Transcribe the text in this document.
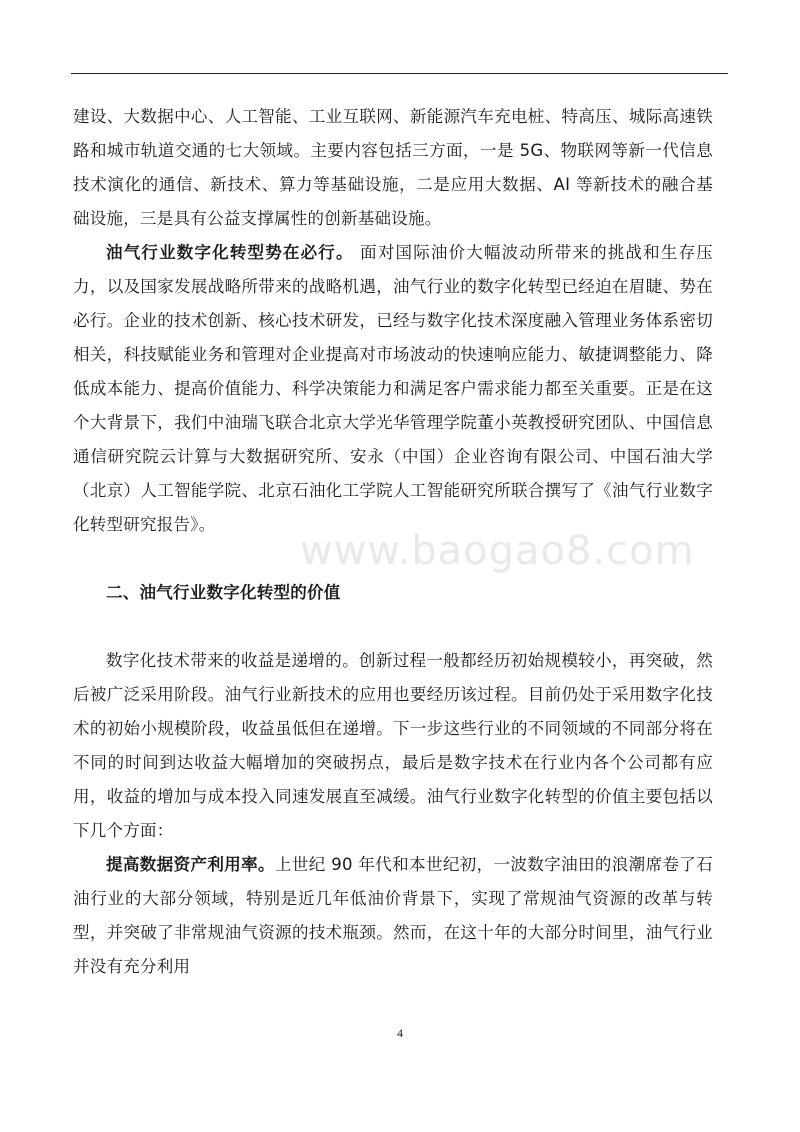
建设、大数据中心、人工智能、工业互联网、新能源汽车充电桩、特高压、城际高速铁路和城市轨道交通的七大领域。主要内容包括三方面，一是 5G、物联网等新一代信息技术演化的通信、新技术、算力等基础设施，二是应用大数据、AI 等新技术的融合基础设施，三是具有公益支撑属性的创新基础设施。

油气行业数字化转型势在必行。 面对国际油价大幅波动所带来的挑战和生存压力，以及国家发展战略所带来的战略机遇，油气行业的数字化转型已经迫在眉睫、势在必行。企业的技术创新、核心技术研发，已经与数字化技术深度融入管理业务体系密切相关，科技赋能业务和管理对企业提高对市场波动的快速响应能力、敏捷调整能力、降低成本能力、提高价值能力、科学决策能力和满足客户需求能力都至关重要。正是在这个大背景下，我们中油瑞飞联合北京大学光华管理学院董小英教授研究团队、中国信息通信研究院云计算与大数据研究所、安永（中国）企业咨询有限公司、中国石油大学（北京）人工智能学院、北京石油化工学院人工智能研究所联合撰写了《油气行业数字化转型研究报告》。

二、油气行业数字化转型的价值

数字化技术带来的收益是递增的。创新过程一般都经历初始规模较小，再突破，然后被广泛采用阶段。油气行业新技术的应用也要经历该过程。目前仍处于采用数字化技术的初始小规模阶段，收益虽低但在递增。下一步这些行业的不同领域的不同部分将在不同的时间到达收益大幅增加的突破拐点，最后是数字技术在行业内各个公司都有应用，收益的增加与成本投入同速发展直至减缓。油气行业数字化转型的价值主要包括以下几个方面：

提高数据资产利用率。上世纪 90 年代和本世纪初，一波数字油田的浪潮席卷了石油行业的大部分领域，特别是近几年低油价背景下，实现了常规油气资源的改革与转型，并突破了非常规油气资源的技术瓶颈。然而，在这十年的大部分时间里，油气行业并没有充分利用

www.baogao8.com
4
